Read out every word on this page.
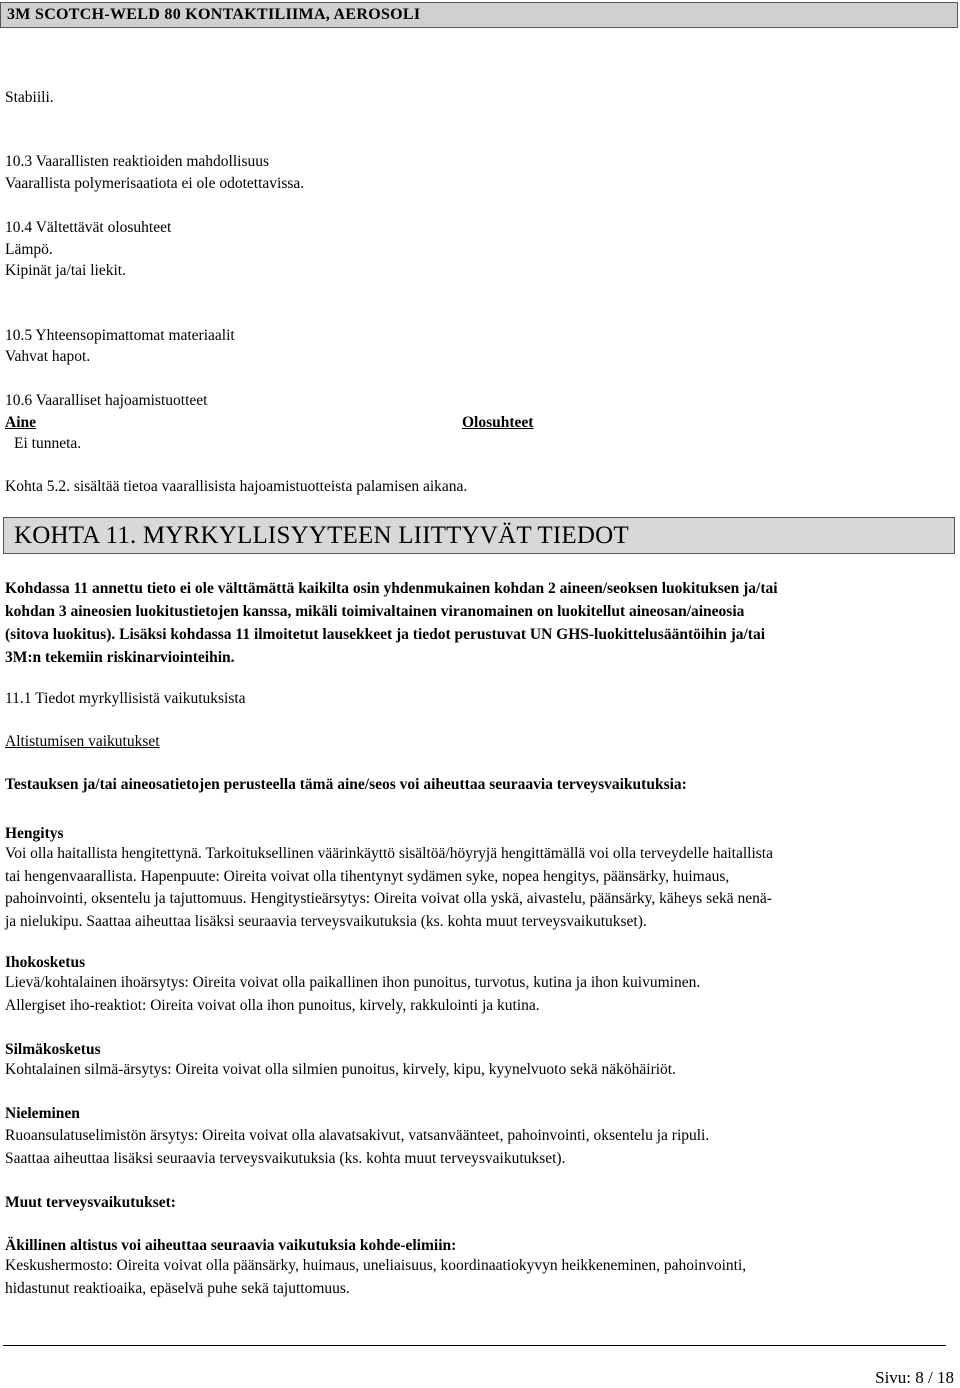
3M SCOTCH-WELD 80 KONTAKTILIIMA, AEROSOLI
Stabiili.
10.3 Vaarallisten reaktioiden mahdollisuus
Vaarallista polymerisaatiota ei ole odotettavissa.
10.4 Vältettävät olosuhteet
Lämpö.
Kipinät ja/tai liekit.
10.5 Yhteensopimattomat materiaalit
Vahvat hapot.
10.6 Vaaralliset hajoamistuotteet
Aine	Olosuhteet
Ei tunneta.
Kohta 5.2. sisältää tietoa vaarallisista hajoamistuotteista palamisen aikana.
KOHTA 11. MYRKYLLISYYTEEN LIITTYVÄT TIEDOT
Kohdassa 11 annettu tieto ei ole välttämättä kaikilta osin yhdenmukainen kohdan 2 aineen/seoksen luokituksen ja/tai
kohdan 3 aineosien luokitustietojen kanssa, mikäli toimivaltainen viranomainen on luokitellut aineosan/aineosia
(sitova luokitus). Lisäksi kohdassa 11 ilmoitetut lausekkeet ja tiedot perustuvat UN GHS-luokittelusääntöihin ja/tai
3M:n tekemiin riskinarviointeihin.
11.1 Tiedot myrkyllisistä vaikutuksista
Altistumisen vaikutukset
Testauksen ja/tai aineosatietojen perusteella tämä aine/seos voi aiheuttaa seuraavia terveysvaikutuksia:
Hengitys
Voi olla haitallista hengitettynä. Tarkoituksellinen väärinkäyttö sisältöä/höyryjä hengittämällä voi olla terveydelle haitallista
tai hengenvaarallista. Hapenpuute: Oireita voivat olla tihentynyt sydämen syke, nopea hengitys, päänsärky, huimaus,
pahoinvointi, oksentelu ja tajuttomuus. Hengitystieärsytys: Oireita voivat olla yskä, aivastelu, päänsärky, käheys sekä nenä-
ja nielukipu. Saattaa aiheuttaa lisäksi seuraavia terveysvaikutuksia (ks. kohta muut terveysvaikutukset).
Ihokosketus
Lievä/kohtalainen ihoärsytys: Oireita voivat olla paikallinen ihon punoitus, turvotus, kutina ja ihon kuivuminen.
Allergiset iho-reaktiot: Oireita voivat olla ihon punoitus, kirvely, rakkulointi ja kutina.
Silmäkosketus
Kohtalainen silmä-ärsytys: Oireita voivat olla silmien punoitus, kirvely, kipu, kyynelvuoto sekä näköhäiriöt.
Nieleminen
Ruoansulatuselimistön ärsytys: Oireita voivat olla alavatsakivut, vatsanväänteet, pahoinvointi, oksentelu ja ripuli.
Saattaa aiheuttaa lisäksi seuraavia terveysvaikutuksia (ks. kohta muut terveysvaikutukset).
Muut terveysvaikutukset:
Äkillinen altistus voi aiheuttaa seuraavia vaikutuksia kohde-elimiin:
Keskushermosto: Oireita voivat olla päänsärky, huimaus, uneliaisuus, koordinaatiokyvyn heikkeneminen, pahoinvointi,
hidastunut reaktioaika, epäselvä puhe sekä tajuttomuus.
Sivu: 8 / 18
